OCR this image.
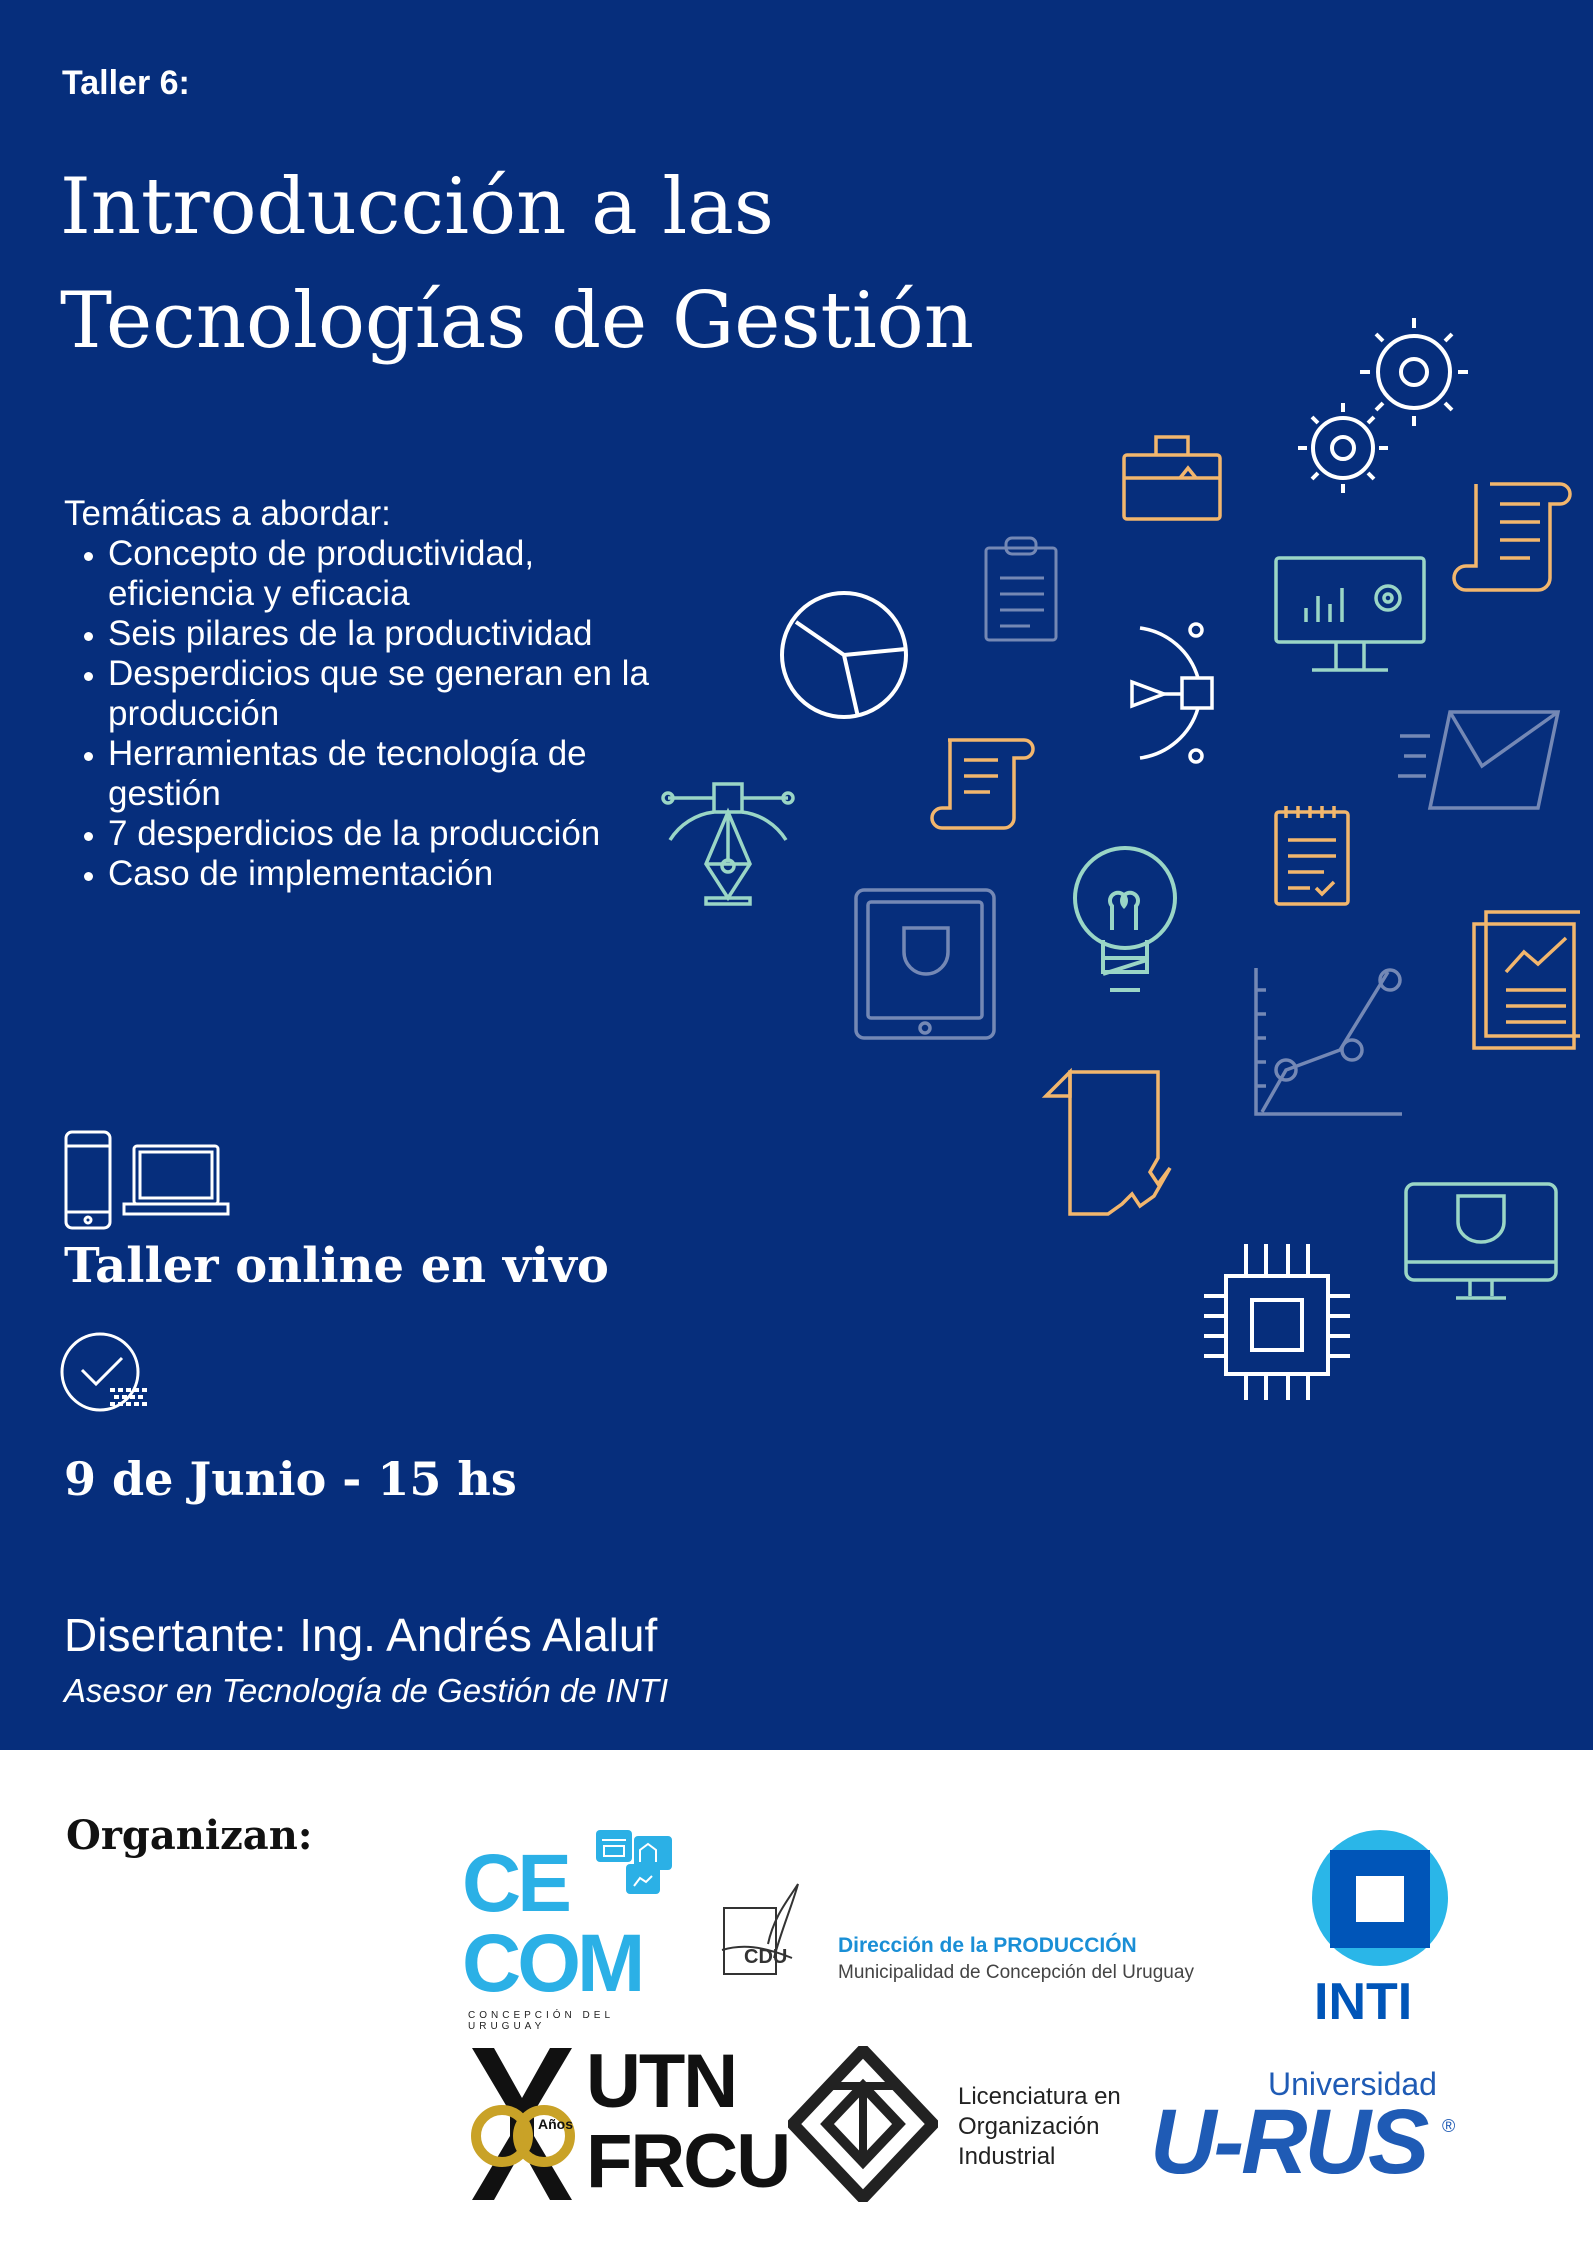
Taller 6:
Introducción a las
Tecnologías de Gestión
Temáticas a abordar:
• Concepto de productividad, eficiencia y eficacia
• Seis pilares de la productividad
• Desperdicios que se generan en la producción
• Herramientas de tecnología de gestión
• 7 desperdicios de la producción
• Caso de implementación
Taller online en vivo
9 de Junio - 15 hs
Disertante: Ing. Andrés Alaluf
Asesor en Tecnología de Gestión de INTI
Organizan:
CE
COM
CONCEPCIÓN DEL URUGUAY
CDU Dirección de la PRODUCCIÓN
Municipalidad de Concepción del Uruguay
INTI
Años UTN
FRCU
Licenciatura en
Organización
Industrial
Universidad
U-RUS ®
